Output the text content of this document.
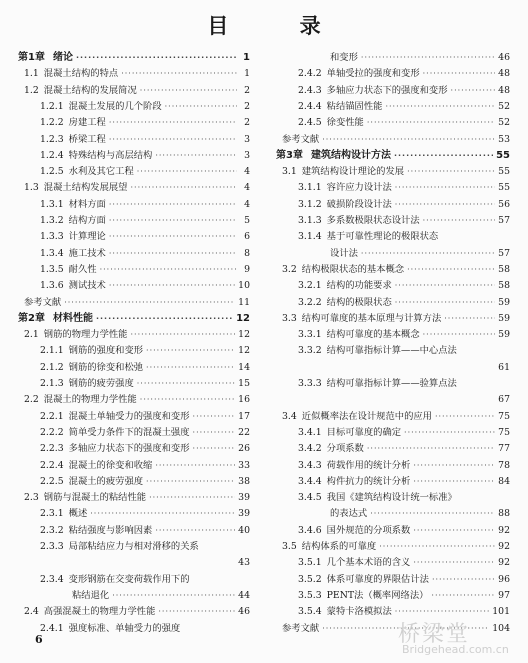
目 录
第1章 绪论 ·····	1
1.1 混凝土结构的特点 ·····	1
1.2 混凝土结构的发展简况 ·····	2
1.2.1 混凝土发展的几个阶段 ·····	2
1.2.2 房建工程 ·····	2
1.2.3 桥梁工程 ·····	3
1.2.4 特殊结构与高层结构 ·····	3
1.2.5 水利及其它工程 ·····	4
1.3 混凝土结构发展展望 ·····	4
1.3.1 材料方面 ·····	4
1.3.2 结构方面 ·····	5
1.3.3 计算理论 ·····	6
1.3.4 施工技术 ·····	8
1.3.5 耐久性 ·····	9
1.3.6 测试技术 ·····	10
参考文献 ·····	11
第2章 材料性能 ·····	12
2.1 钢筋的物理力学性能 ·····	12
2.1.1 钢筋的强度和变形 ·····	12
2.1.2 钢筋的徐变和松弛 ·····	14
2.1.3 钢筋的疲劳强度 ·····	15
2.2 混凝土的物理力学性能 ·····	16
2.2.1 混凝土单轴受力的强度和变形 ·····	17
2.2.2 简单受力条件下的混凝土强度 ·····	22
2.2.3 多轴应力状态下的强度和变形 ·····	26
2.2.4 混凝土的徐变和收缩 ·····	33
2.2.5 混凝土的疲劳强度 ·····	38
2.3 钢筋与混凝土的粘结性能 ·····	39
2.3.1 概述 ·····	39
2.3.2 粘结强度与影响因素 ·····	40
2.3.3 局部粘结应力与相对滑移的关系
43
2.3.4 变形钢筋在交变荷载作用下的
粘结退化 ·····	44
2.4 高强混凝土的物理力学性能 ·····	46
2.4.1 强度标准、单轴受力的强度
和变形 ·····	46
2.4.2 单轴受拉的强度和变形 ·····	48
2.4.3 多轴应力状态下的强度和变形 ·····	48
2.4.4 粘结锚固性能 ·····	52
2.4.5 徐变性能 ·····	52
参考文献 ·····	53
第3章 建筑结构设计方法 ·····	55
3.1 建筑结构设计理论的发展 ·····	55
3.1.1 容许应力设计法 ·····	55
3.1.2 破损阶段设计法 ·····	56
3.1.3 多系数极限状态设计法 ·····	57
3.1.4 基于可靠性理论的极限状态
设计法 ·····	57
3.2 结构极限状态的基本概念 ·····	58
3.2.1 结构的功能要求 ·····	58
3.2.2 结构的极限状态 ·····	59
3.3 结构可靠度的基本原理与计算方法 ·····	59
3.3.1 结构可靠度的基本概念 ·····	59
3.3.2 结构可靠指标计算——中心点法
61
3.3.3 结构可靠指标计算——验算点法
67
3.4 近似概率法在设计规范中的应用 ·····	75
3.4.1 目标可靠度的确定 ·····	75
3.4.2 分项系数 ·····	77
3.4.3 荷载作用的统计分析 ·····	78
3.4.4 构件抗力的统计分析 ·····	84
3.4.5 我国《建筑结构设计统一标准》
的表达式 ·····	88
3.4.6 国外规范的分项系数 ·····	92
3.5 结构体系的可靠度 ·····	92
3.5.1 几个基本术语的含义 ·····	92
3.5.2 体系可靠度的界限估计法 ·····	96
3.5.3 PENT法（概率网络法） ·····	97
3.5.4 蒙特卡洛模拟法 ·····	101
参考文献 ·····	104
6	桥梁堂
Bridgehead.com.cn
